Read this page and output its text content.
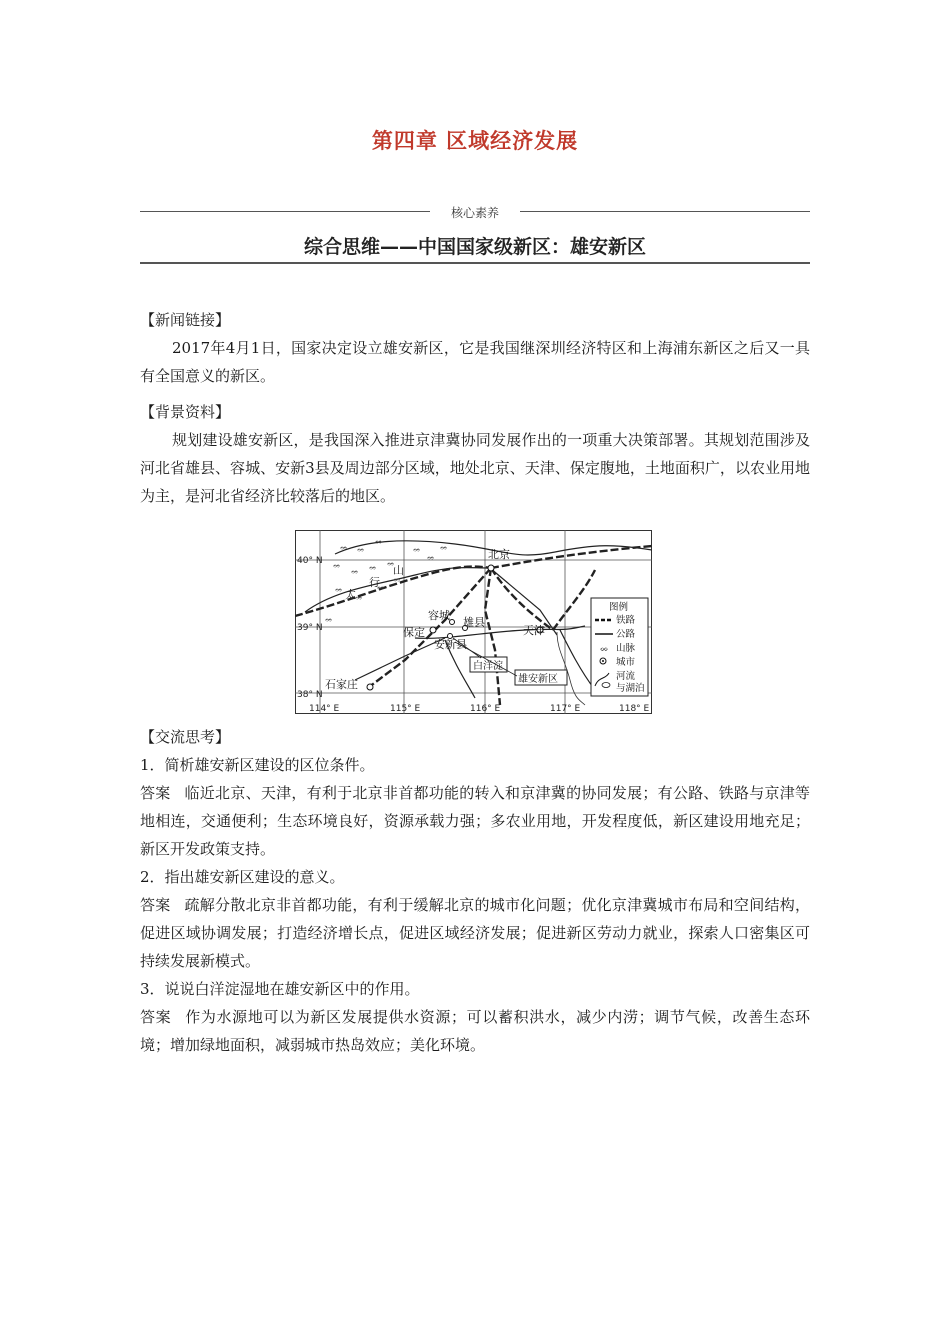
第四章 区域经济发展
核心素养
综合思维——中国国家级新区：雄安新区
【新闻链接】

2017年4月1日，国家决定设立雄安新区，它是我国继深圳经济特区和上海浦东新区之后又一具有全国意义的新区。

【背景资料】

规划建设雄安新区，是我国深入推进京津冀协同发展作出的一项重大决策部署。其规划范围涉及河北省雄县、容城、安新3县及周边部分区域，地处北京、天津、保定腹地，土地面积广，以农业用地为主，是河北省经济比较落后的地区。

40° N
39° N
38° N
114° E	115° E	116° E	117° E	118° E
ᨖ ᨖ
ᨖ
ᨖ
ᨖ ᨖ ᨖ
ᨖ
ᨖ
ᨖ
ᨖ
ᨖ
ᨖ
ᨖ
ᨖ
太
行
山
北京
天津
保定
容城
雄县
安新县
石家庄
白洋淀
雄安新区
图例
铁路
公路
ᨖ 山脉
城市
河流
与湖泊
【交流思考】

1．简析雄安新区建设的区位条件。

答案 临近北京、天津，有利于北京非首都功能的转入和京津冀的协同发展；有公路、铁路与京津等地相连，交通便利；生态环境良好，资源承载力强；多农业用地，开发程度低，新区建设用地充足；新区开发政策支持。

2．指出雄安新区建设的意义。

答案 疏解分散北京非首都功能，有利于缓解北京的城市化问题；优化京津冀城市布局和空间结构，促进区域协调发展；打造经济增长点，促进区域经济发展；促进新区劳动力就业，探索人口密集区可持续发展新模式。

3．说说白洋淀湿地在雄安新区中的作用。

答案 作为水源地可以为新区发展提供水资源；可以蓄积洪水，减少内涝；调节气候，改善生态环境；增加绿地面积，减弱城市热岛效应；美化环境。
